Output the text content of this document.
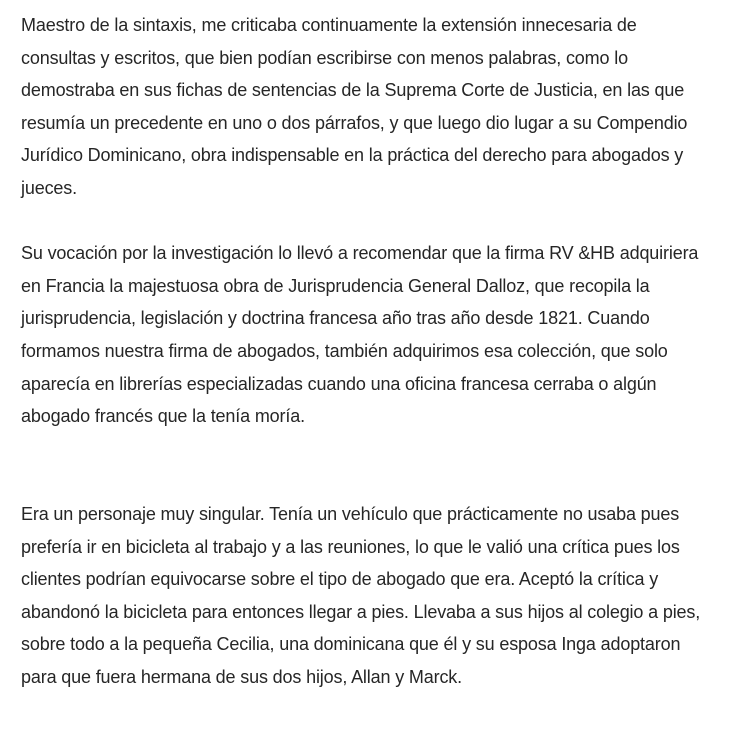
Maestro de la sintaxis, me criticaba continuamente la extensión innecesaria de
consultas y escritos, que bien podían escribirse con menos palabras, como lo
demostraba en sus fichas de sentencias de la Suprema Corte de Justicia, en las que
resumía un precedente en uno o dos párrafos, y que luego dio lugar a su Compendio
Jurídico Dominicano, obra indispensable en la práctica del derecho para abogados y
jueces.

Su vocación por la investigación lo llevó a recomendar que la firma RV &HB adquiriera
en Francia la majestuosa obra de Jurisprudencia General Dalloz, que recopila la
jurisprudencia, legislación y doctrina francesa año tras año desde 1821. Cuando
formamos nuestra firma de abogados, también adquirimos esa colección, que solo
aparecía en librerías especializadas cuando una oficina francesa cerraba o algún
abogado francés que la tenía moría.

Era un personaje muy singular. Tenía un vehículo que prácticamente no usaba pues
prefería ir en bicicleta al trabajo y a las reuniones, lo que le valió una crítica pues los
clientes podrían equivocarse sobre el tipo de abogado que era. Aceptó la crítica y
abandonó la bicicleta para entonces llegar a pies. Llevaba a sus hijos al colegio a pies,
sobre todo a la pequeña Cecilia, una dominicana que él y su esposa Inga adoptaron
para que fuera hermana de sus dos hijos, Allan y Marck.
